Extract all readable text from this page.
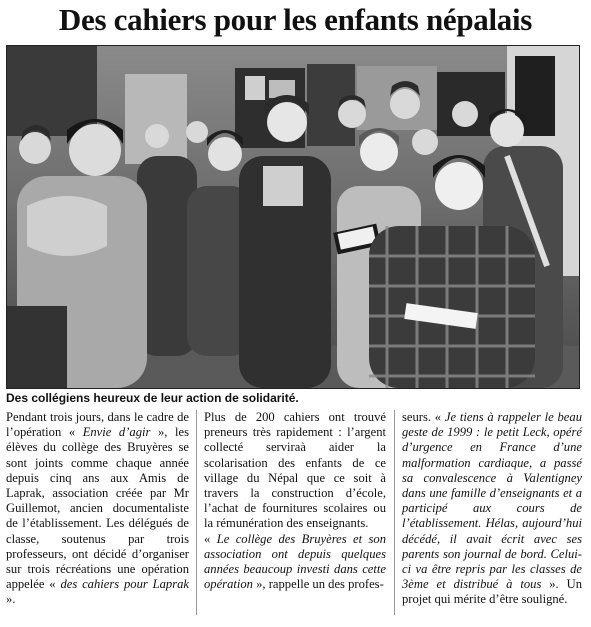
Des cahiers pour les enfants népalais
Des collégiens heureux de leur action de solidarité.

Pendant trois jours, dans le cadre de l’opération « Envie d’agir », les élèves du collège des Bruyères se sont joints comme chaque année depuis cinq ans aux Amis de Laprak, association créée par Mr Guillemot, ancien documentaliste de l’établissement. Les délégués de classe, soutenus par trois professeurs, ont décidé d’organiser sur trois récréations une opération appelée « des cahiers pour Laprak ».

Plus de 200 cahiers ont trouvé preneurs très rapidement : l’argent collecté serviraà aider la scolarisation des enfants de ce village du Népal que ce soit à travers la construction d’école, l’achat de fournitures scolaires ou la rémunération des enseignants.

« Le collège des Bruyères et son association ont depuis quelques années beaucoup investi dans cette opération », rappelle un des profes-

seurs. « Je tiens à rappeler le beau geste de 1999 : le petit Leck, opéré d’urgence en France d’une malformation cardiaque, a passé sa convalescence à Valentigney dans une famille d’enseignants et a participé aux cours de l’établissement. Hélas, aujourd’hui décédé, il avait écrit avec ses parents son journal de bord. Celui-ci va être repris par les classes de 3ème et distribué à tous ». Un projet qui mérite d’être souligné.
